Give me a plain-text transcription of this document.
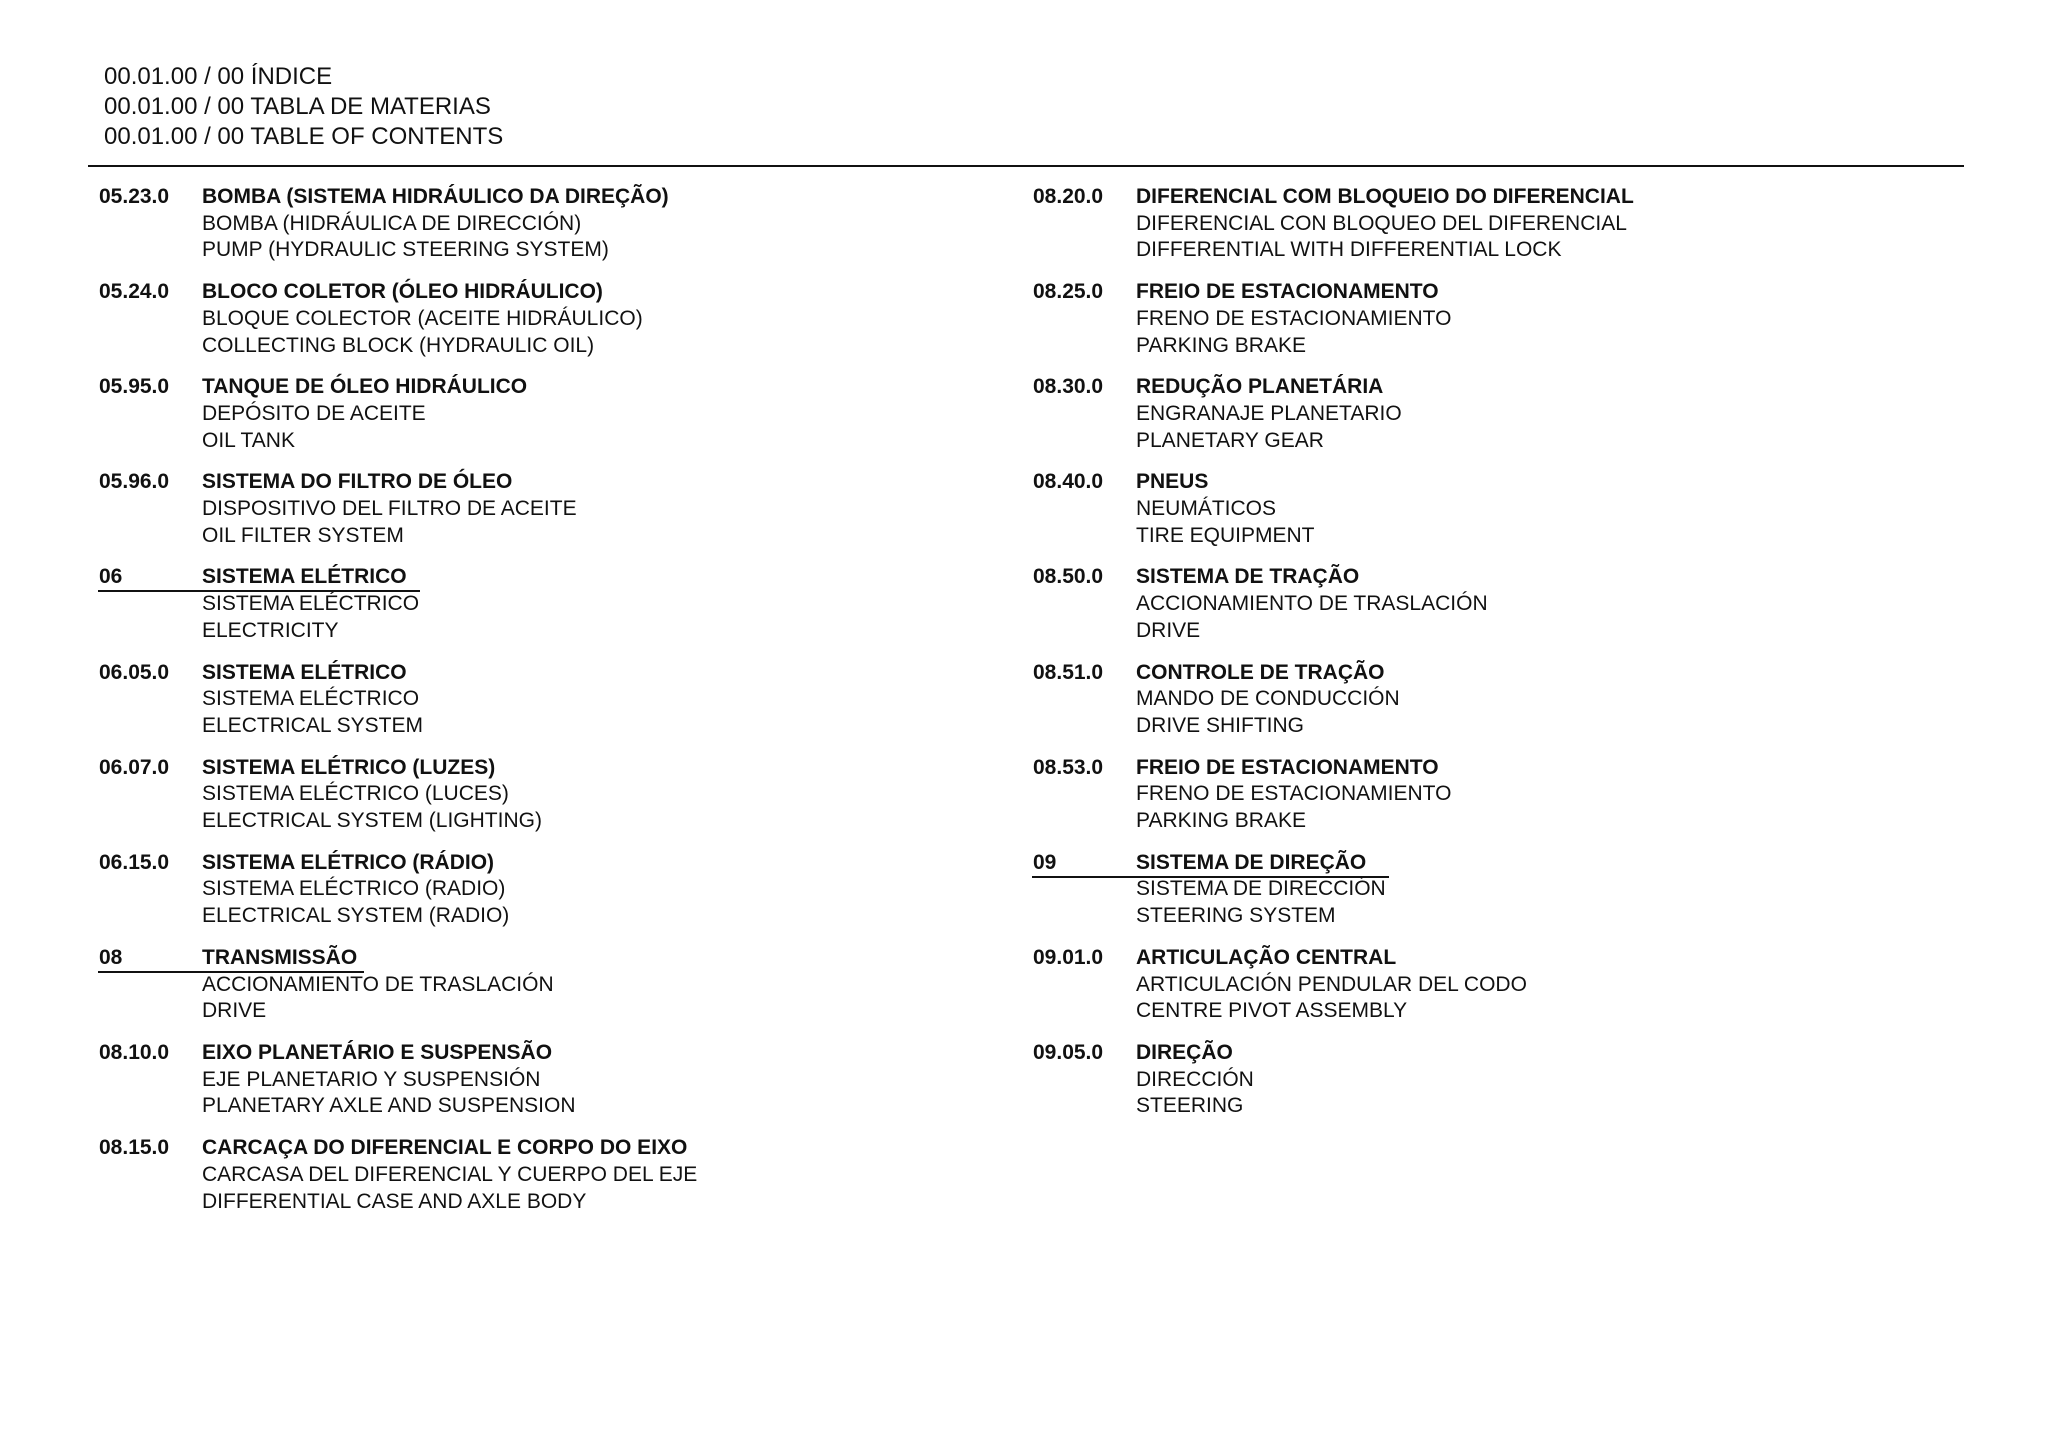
00.01.00 / 00 ÍNDICE
00.01.00 / 00 TABLA DE MATERIAS
00.01.00 / 00 TABLE OF CONTENTS
05.23.0	BOMBA (SISTEMA HIDRÁULICO DA DIREÇÃO)
BOMBA (HIDRÁULICA DE DIRECCIÓN)
PUMP (HYDRAULIC STEERING SYSTEM)
05.24.0	BLOCO COLETOR (ÓLEO HIDRÁULICO)
BLOQUE COLECTOR (ACEITE HIDRÁULICO)
COLLECTING BLOCK (HYDRAULIC OIL)
05.95.0	TANQUE DE ÓLEO HIDRÁULICO
DEPÓSITO DE ACEITE
OIL TANK
05.96.0	SISTEMA DO FILTRO DE ÓLEO
DISPOSITIVO DEL FILTRO DE ACEITE
OIL FILTER SYSTEM
06	SISTEMA ELÉTRICO
SISTEMA ELÉCTRICO
ELECTRICITY
06.05.0	SISTEMA ELÉTRICO
SISTEMA ELÉCTRICO
ELECTRICAL SYSTEM
06.07.0	SISTEMA ELÉTRICO (LUZES)
SISTEMA ELÉCTRICO (LUCES)
ELECTRICAL SYSTEM (LIGHTING)
06.15.0	SISTEMA ELÉTRICO (RÁDIO)
SISTEMA ELÉCTRICO (RADIO)
ELECTRICAL SYSTEM (RADIO)
08	TRANSMISSÃO
ACCIONAMIENTO DE TRASLACIÓN
DRIVE
08.10.0	EIXO PLANETÁRIO E SUSPENSÃO
EJE PLANETARIO Y SUSPENSIÓN
PLANETARY AXLE AND SUSPENSION
08.15.0	CARCAÇA DO DIFERENCIAL E CORPO DO EIXO
CARCASA DEL DIFERENCIAL Y CUERPO DEL EJE
DIFFERENTIAL CASE AND AXLE BODY
08.20.0	DIFERENCIAL COM BLOQUEIO DO DIFERENCIAL
DIFERENCIAL CON BLOQUEO DEL DIFERENCIAL
DIFFERENTIAL WITH DIFFERENTIAL LOCK
08.25.0	FREIO DE ESTACIONAMENTO
FRENO DE ESTACIONAMIENTO
PARKING BRAKE
08.30.0	REDUÇÃO PLANETÁRIA
ENGRANAJE PLANETARIO
PLANETARY GEAR
08.40.0	PNEUS
NEUMÁTICOS
TIRE EQUIPMENT
08.50.0	SISTEMA DE TRAÇÃO
ACCIONAMIENTO DE TRASLACIÓN
DRIVE
08.51.0	CONTROLE DE TRAÇÃO
MANDO DE CONDUCCIÓN
DRIVE SHIFTING
08.53.0	FREIO DE ESTACIONAMENTO
FRENO DE ESTACIONAMIENTO
PARKING BRAKE
09	SISTEMA DE DIREÇÃO
SISTEMA DE DIRECCIÓN
STEERING SYSTEM
09.01.0	ARTICULAÇÃO CENTRAL
ARTICULACIÓN PENDULAR DEL CODO
CENTRE PIVOT ASSEMBLY
09.05.0	DIREÇÃO
DIRECCIÓN
STEERING
